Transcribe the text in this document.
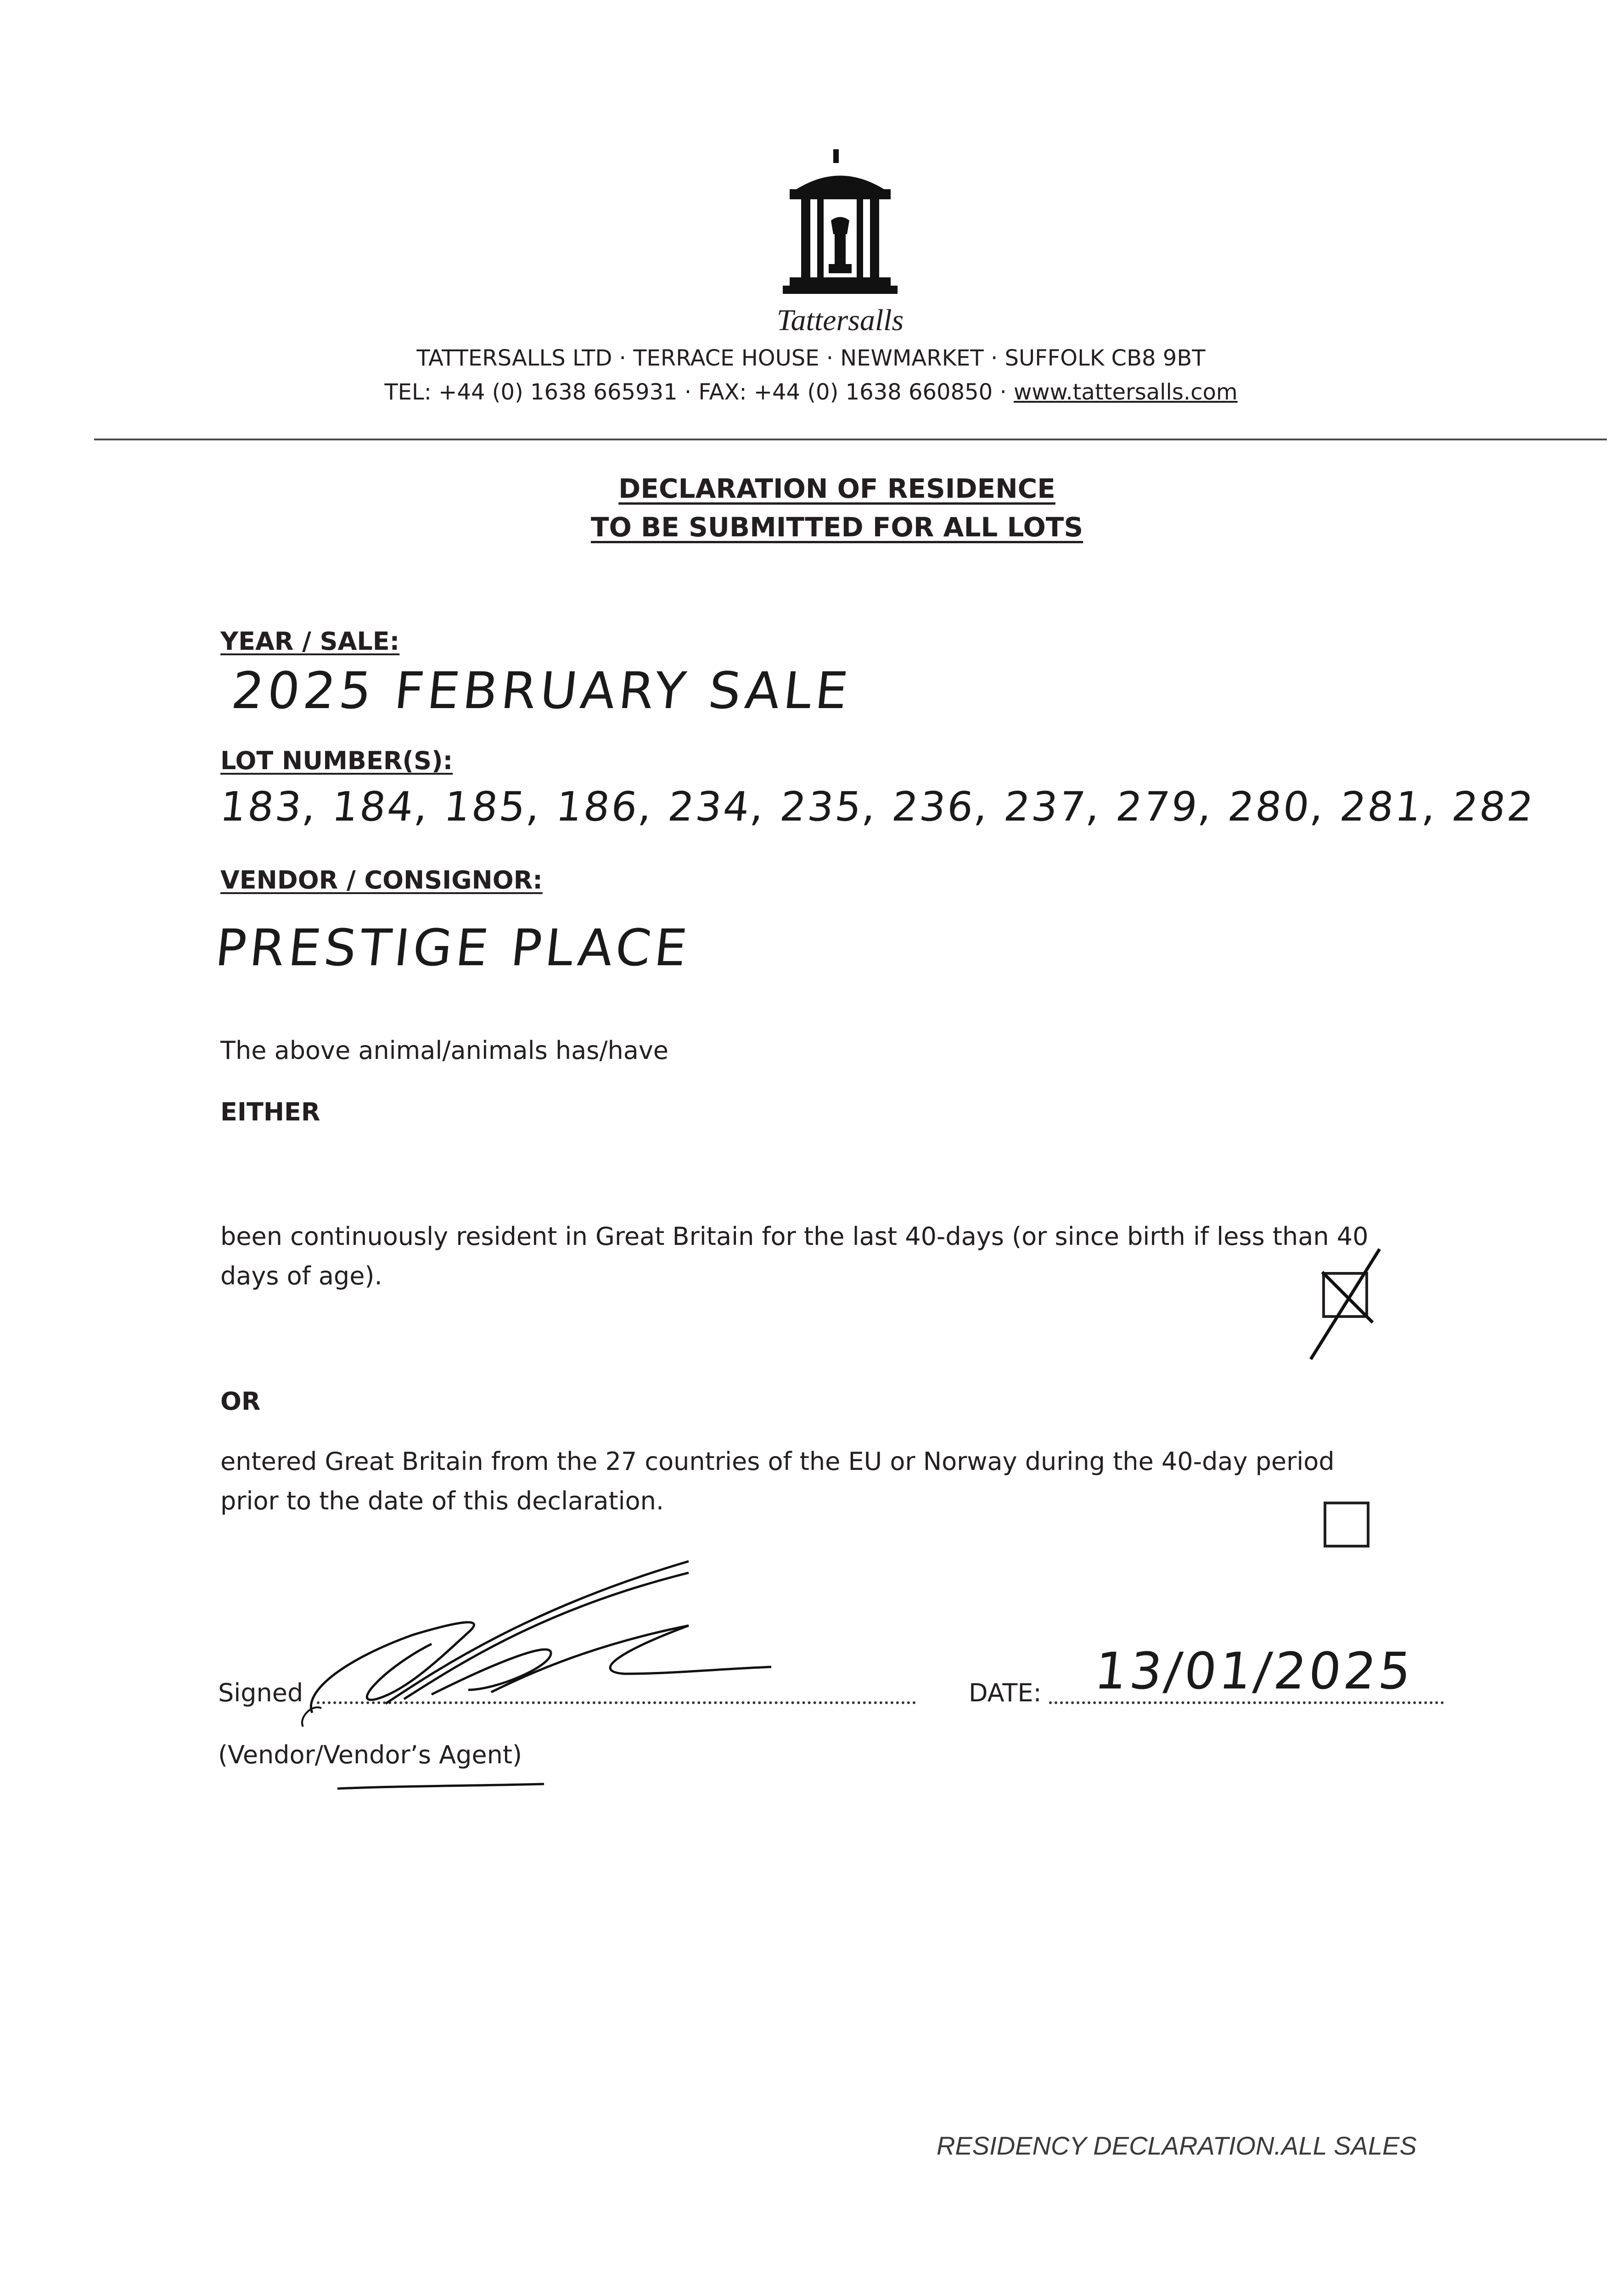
Tattersalls
TATTERSALLS LTD · TERRACE HOUSE · NEWMARKET · SUFFOLK CB8 9BT
TEL: +44 (0) 1638 665931 · FAX: +44 (0) 1638 660850 · www.tattersalls.com
DECLARATION OF RESIDENCE
TO BE SUBMITTED FOR ALL LOTS
YEAR / SALE:
2025 FEBRUARY SALE
LOT NUMBER(S):
183, 184, 185, 186, 234, 235, 236, 237, 279, 280, 281, 282
VENDOR / CONSIGNOR:
PRESTIGE PLACE
The above animal/animals has/have
EITHER
been continuously resident in Great Britain for the last 40-days (or since birth if less than 40
days of age).
OR
entered Great Britain from the 27 countries of the EU or Norway during the 40-day period
prior to the date of this declaration.
Signed	DATE: 13/01/2025
(Vendor/Vendor’s Agent)
RESIDENCY DECLARATION.ALL SALES
